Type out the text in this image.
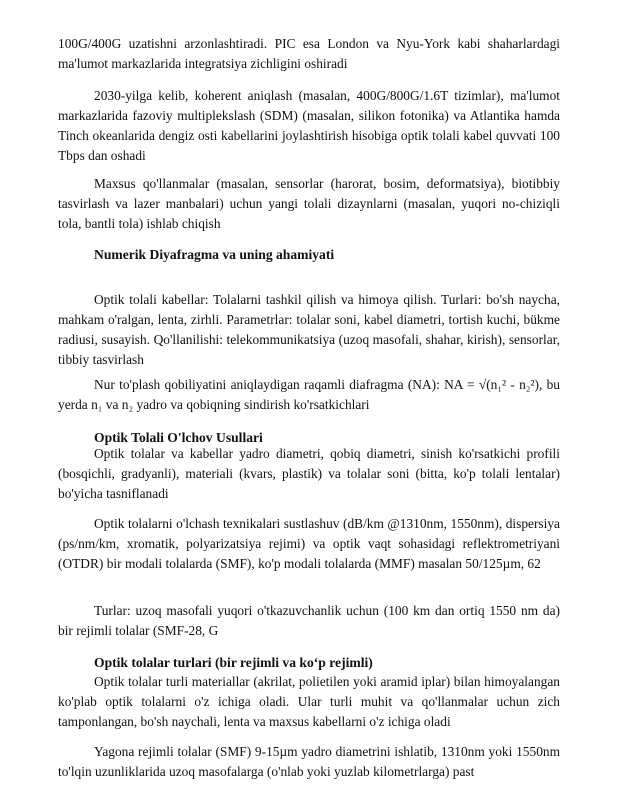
100G/400G uzatishni arzonlashtiradi. PIC esa London va Nyu-York kabi shaharlardagi ma'lumot markazlarida integratsiya zichligini oshiradi

2030-yilga kelib, koherent aniqlash (masalan, 400G/800G/1.6T tizimlar), ma'lumot markazlarida fazoviy multiplekslash (SDM) (masalan, silikon fotonika) va Atlantika hamda Tinch okeanlarida dengiz osti kabellarini joylashtirish hisobiga optik tolali kabel quvvati 100 Tbps dan oshadi

Maxsus qo'llanmalar (masalan, sensorlar (harorat, bosim, deformatsiya), biotibbiy tasvirlash va lazer manbalari) uchun yangi tolali dizaynlarni (masalan, yuqori no-chiziqli tola, bantli tola) ishlab chiqish

Numerik Diyafragma va uning ahamiyati

Optik tolali kabellar: Tolalarni tashkil qilish va himoya qilish. Turlari: bo'sh naycha, mahkam o'ralgan, lenta, zirhli. Parametrlar: tolalar soni, kabel diametri, tortish kuchi, bükme radiusi, susayish. Qo'llanilishi: telekommunikatsiya (uzoq masofali, shahar, kirish), sensorlar, tibbiy tasvirlash

Nur to'plash qobiliyatini aniqlaydigan raqamli diafragma (NA): NA = √(n₁² - n₂²), bu yerda n₁ va n₂ yadro va qobiqning sindirish ko'rsatkichlari

Optik Tolali O'lchov Usullari

Optik tolalar va kabellar yadro diametri, qobiq diametri, sinish ko'rsatkichi profili (bosqichli, gradyanli), materiali (kvars, plastik) va tolalar soni (bitta, ko'p tolali lentalar) bo'yicha tasniflanadi

Optik tolalarni o'lchash texnikalari sustlashuv (dB/km @1310nm, 1550nm), dispersiya (ps/nm/km, xromatik, polyarizatsiya rejimi) va optik vaqt sohasidagi reflektrometriyani (OTDR) bir modali tolalarda (SMF), ko'p modali tolalarda (MMF) masalan 50/125µm, 62

Turlar: uzoq masofali yuqori o'tkazuvchanlik uchun (100 km dan ortiq 1550 nm da) bir rejimli tolalar (SMF-28, G

Optik tolalar turlari (bir rejimli va ko‘p rejimli)

Optik tolalar turli materiallar (akrilat, polietilen yoki aramid iplar) bilan himoyalangan ko'plab optik tolalarni o'z ichiga oladi. Ular turli muhit va qo'llanmalar uchun zich tamponlangan, bo'sh naychali, lenta va maxsus kabellarni o'z ichiga oladi

Yagona rejimli tolalar (SMF) 9-15µm yadro diametrini ishlatib, 1310nm yoki 1550nm to'lqin uzunliklarida uzoq masofalarga (o'nlab yoki yuzlab kilometrlarga) past
